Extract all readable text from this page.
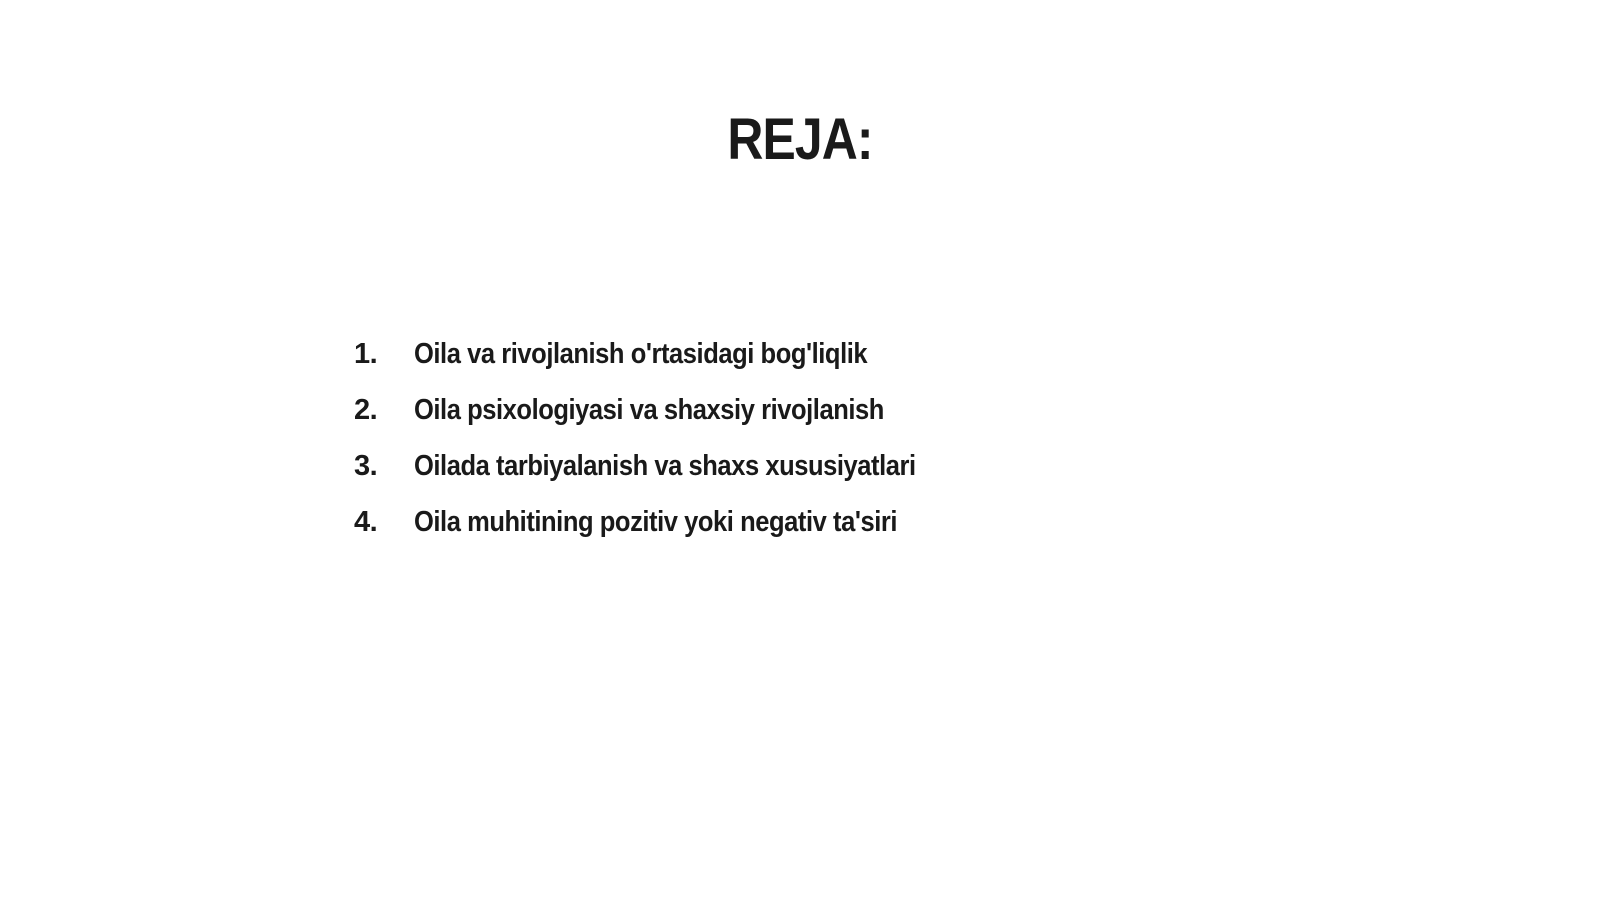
REJA:
1.	Oila va rivojlanish o'rtasidagi bog'liqlik
2.	Oila psixologiyasi va shaxsiy rivojlanish
3.	Oilada tarbiyalanish va shaxs xususiyatlari
4.	Oila muhitining pozitiv yoki negativ ta'siri
